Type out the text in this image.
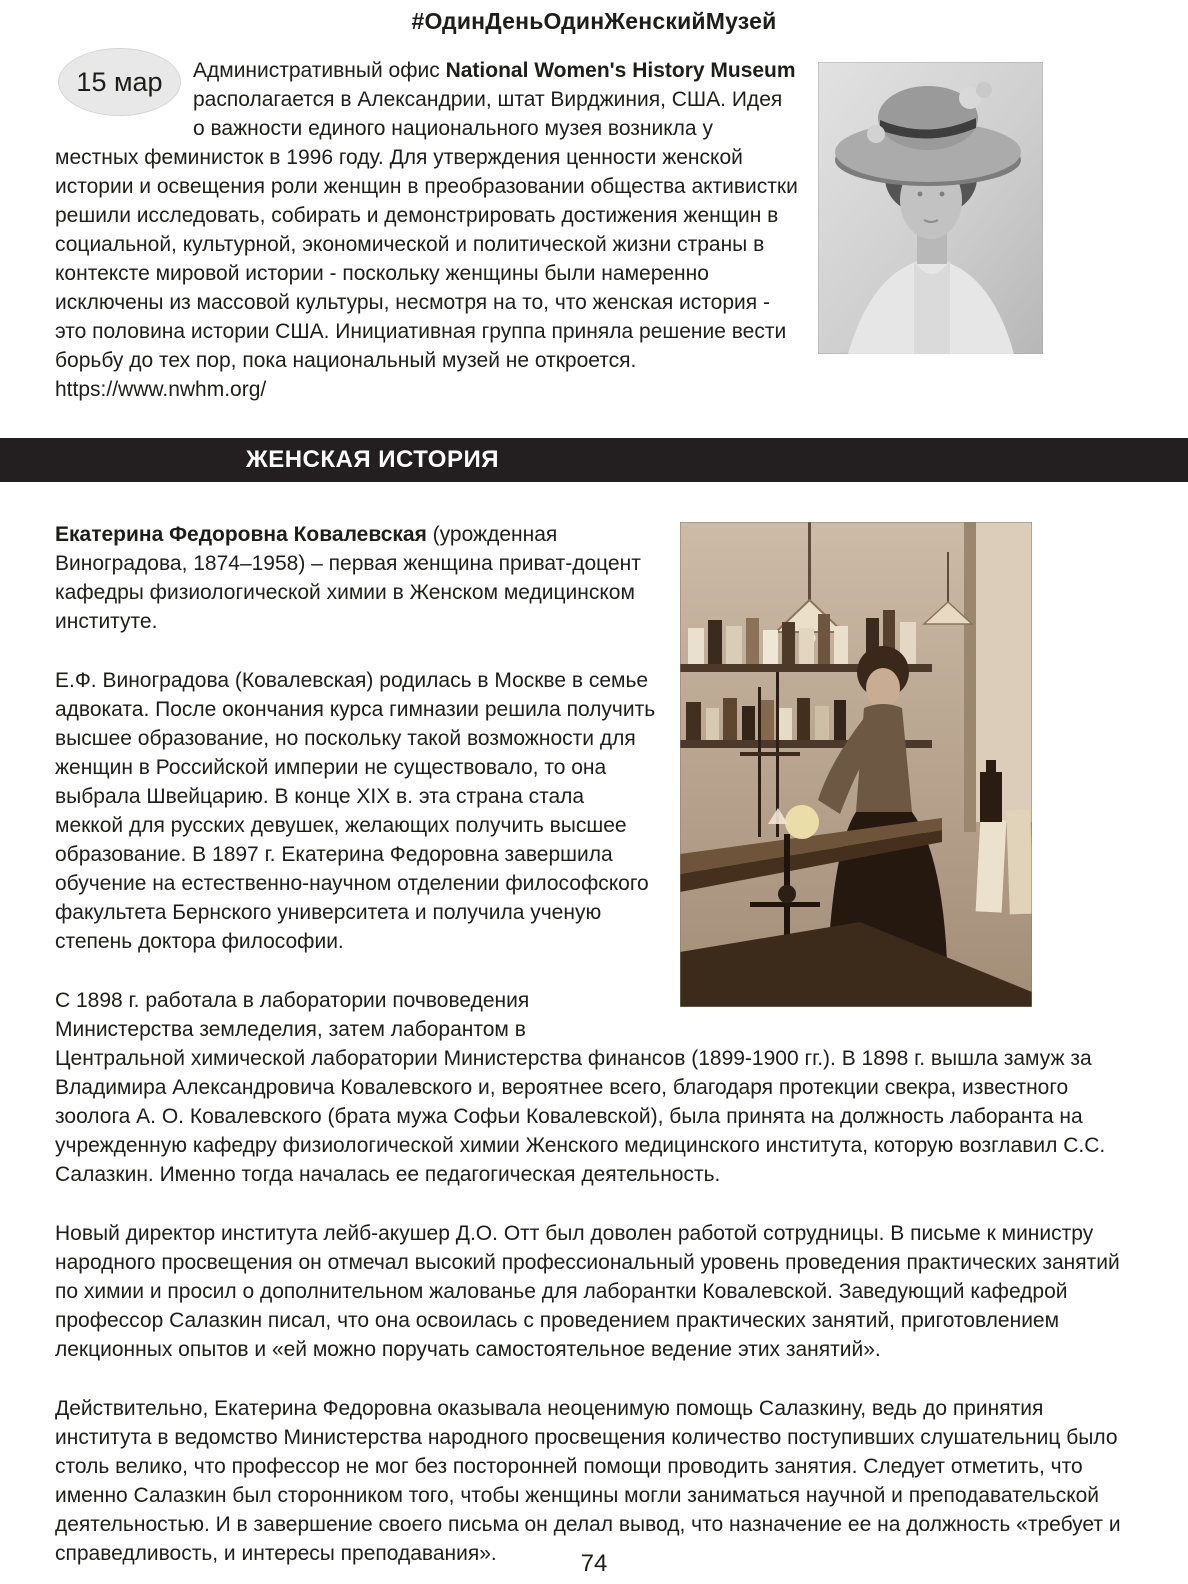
#ОдинДеньОдинЖенскийМузей
15 мар	Административный офис National Women's History Museum располагается в Александрии, штат Вирджиния, США. Идея о важности единого национального музея возникла у местных феминисток в 1996 году. Для утверждения ценности женской истории и освещения роли женщин в преобразовании общества активистки решили исследовать, собирать и демонстрировать достижения женщин в социальной, культурной, экономической и политической жизни страны в контексте мировой истории - поскольку женщины были намеренно исключены из массовой культуры, несмотря на то, что женская история - это половина истории США. Инициативная группа приняла решение вести борьбу до тех пор, пока национальный музей не откроется. https://www.nwhm.org/

ЖЕНСКАЯ ИСТОРИЯ

Екатерина Федоровна Ковалевская (урожденная Виноградова, 1874–1958) – первая женщина приват-доцент кафедры физиологической химии в Женском медицинском институте.

Е.Ф. Виноградова (Ковалевская) родилась в Москве в семье адвоката. После окончания курса гимназии решила получить высшее образование, но поскольку такой возможности для женщин в Российской империи не существовало, то она выбрала Швейцарию. В конце XIX в. эта страна стала меккой для русских девушек, желающих получить высшее образование. В 1897 г. Екатерина Федоровна завершила обучение на естественно-научном отделении философского факультета Бернского университета и получила ученую степень доктора философии.

С 1898 г. работала в лаборатории почвоведения Министерства земледелия, затем лаборантом в Центральной химической лаборатории Министерства финансов (1899-1900 гг.). В 1898 г. вышла замуж за Владимира Александровича Ковалевского и, вероятнее всего, благодаря протекции свекра, известного зоолога А. О. Ковалевского (брата мужа Софьи Ковалевской), была принята на должность лаборанта на учрежденную кафедру физиологической химии Женского медицинского института, которую возглавил С.С. Салазкин. Именно тогда началась ее педагогическая деятельность.

Новый директор института лейб-акушер Д.О. Отт был доволен работой сотрудницы. В письме к министру народного просвещения он отмечал высокий профессиональный уровень проведения практических занятий по химии и просил о дополнительном жалованье для лаборантки Ковалевской. Заведующий кафедрой профессор Салазкин писал, что она освоилась с проведением практических занятий, приготовлением лекционных опытов и «ей можно поручать самостоятельное ведение этих занятий».

Действительно, Екатерина Федоровна оказывала неоценимую помощь Салазкину, ведь до принятия института в ведомство Министерства народного просвещения количество поступивших слушательниц было столь велико, что профессор не мог без посторонней помощи проводить занятия. Следует отметить, что именно Салазкин был сторонником того, чтобы женщины могли заниматься научной и преподавательской деятельностью. И в завершение своего письма он делал вывод, что назначение ее на должность «требует и справедливость, и интересы преподавания».	74
